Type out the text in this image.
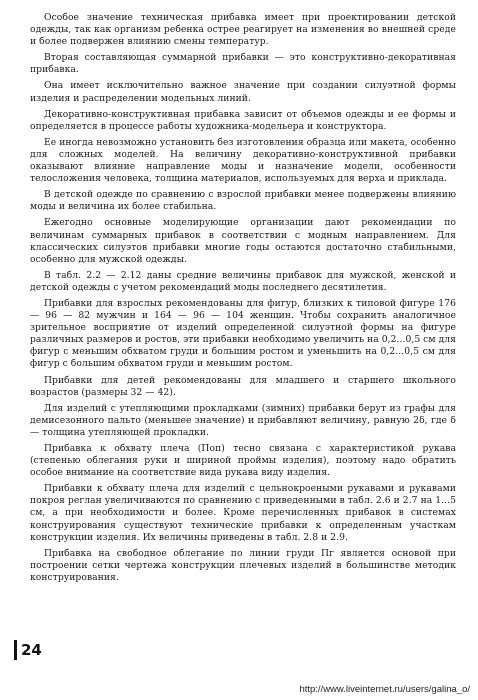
Особое значение техническая прибавка имеет при проектировании детской одежды, так как организм ребенка острее реагирует на изменения во внешней среде и более подвержен влиянию смены температур.

Вторая составляющая суммарной прибавки — это конструктивно-декоративная прибавка.

Она имеет исключительно важное значение при создании силуэтной формы изделия и распределении модельных линий.

Декоративно-конструктивная прибавка зависит от объемов одежды и ее формы и определяется в процессе работы художника-модельера и конструктора.

Ее иногда невозможно установить без изготовления образца или макета, особенно для сложных моделей. На величину декоративно-конструктивной прибавки оказывают влияние направление моды и назначение модели, особенности телосложения человека, толщина материалов, используемых для верха и приклада.

В детской одежде по сравнению с взрослой прибавки менее подвержены влиянию моды и величина их более стабильна.

Ежегодно основные моделирующие организации дают рекомендации по величинам суммарных прибавок в соответствии с модным направлением. Для классических силуэтов прибавки многие годы остаются достаточно стабильными, особенно для мужской одежды.

В табл. 2.2 — 2.12 даны средние величины прибавок для мужской, женской и детской одежды с учетом рекомендаций моды последнего десятилетия.

Прибавки для взрослых рекомендованы для фигур, близких к типовой фигуре 176 — 96 — 82 мужчин и 164 — 96 — 104 женщин. Чтобы сохранить аналогичное зрительное восприятие от изделий определенной силуэтной формы на фигуре различных размеров и ростов, эти прибавки необходимо увеличить на 0,2...0,5 см для фигур с меньшим обхватом груди и большим ростом и уменьшить на 0,2...0,5 см для фигур с большим обхватом груди и меньшим ростом.

Прибавки для детей рекомендованы для младшего и старшего школьного возрастов (размеры 32 — 42).

Для изделий с утепляющими прокладками (зимних) прибавки берут из графы для демисезонного пальто (меньшее значение) и прибавляют величину, равную 2δ, где δ — толщина утепляющей прокладки.

Прибавка к обхвату плеча (Поп) тесно связана с характеристикой рукава (степенью облегания руки и шириной проймы изделия), поэтому надо обратить особое внимание на соответствие вида рукава виду изделия.

Прибавки к обхвату плеча для изделий с цельнокроеными рукавами и рукавами покроя реглан увеличиваются по сравнению с приведенными в табл. 2.6 и 2.7 на 1...5 см, а при необходимости и более. Кроме перечисленных прибавок в системах конструирования существуют технические прибавки к определенным участкам конструкции изделия. Их величины приведены в табл. 2.8 и 2.9.

Прибавка на свободное облегание по линии груди Пг является основой при построении сетки чертежа конструкции плечевых изделий в большинстве методик конструирования.

24
http://www.liveinternet.ru/users/galina_o/
